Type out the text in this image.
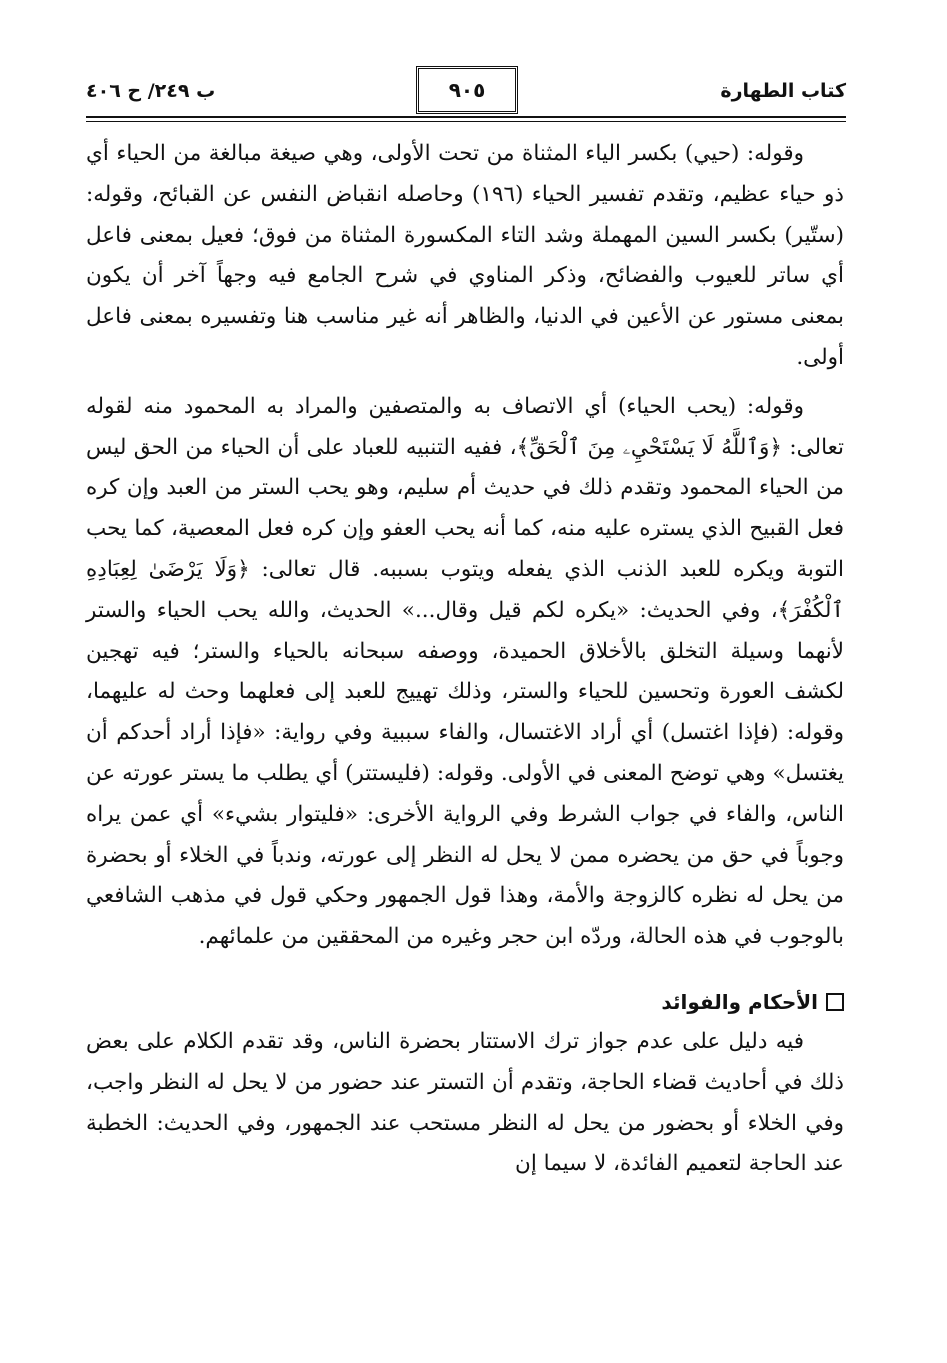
كتاب الطهارة
٩٠٥
ب ٢٤٩/ ح ٤٠٦

وقوله: (حيي) بكسر الياء المثناة من تحت الأولى، وهي صيغة مبالغة من الحياء أي ذو حياء عظيم، وتقدم تفسير الحياء (١٩٦) وحاصله انقباض النفس عن القبائح، وقوله: (ستّير) بكسر السين المهملة وشد التاء المكسورة المثناة من فوق؛ فعيل بمعنى فاعل أي ساتر للعيوب والفضائح، وذكر المناوي في شرح الجامع فيه وجهاً آخر أن يكون بمعنى مستور عن الأعين في الدنيا، والظاهر أنه غير مناسب هنا وتفسيره بمعنى فاعل أولى.

وقوله: (يحب الحياء) أي الاتصاف به والمتصفين والمراد به المحمود منه لقوله تعالى: ﴿وَٱللَّهُ لَا يَسْتَحْيِۦ مِنَ ٱلْحَقِّ﴾، ففيه التنبيه للعباد على أن الحياء من الحق ليس من الحياء المحمود وتقدم ذلك في حديث أم سليم، وهو يحب الستر من العبد وإن كره فعل القبيح الذي يستره عليه منه، كما أنه يحب العفو وإن كره فعل المعصية، كما يحب التوبة ويكره للعبد الذنب الذي يفعله ويتوب بسببه. قال تعالى: ﴿وَلَا يَرْضَىٰ لِعِبَادِهِ ٱلْكُفْرَ﴾، وفي الحديث: «يكره لكم قيل وقال...» الحديث، والله يحب الحياء والستر لأنهما وسيلة التخلق بالأخلاق الحميدة، ووصفه سبحانه بالحياء والستر؛ فيه تهجين لكشف العورة وتحسين للحياء والستر، وذلك تهييج للعبد إلى فعلهما وحث له عليهما، وقوله: (فإذا اغتسل) أي أراد الاغتسال، والفاء سببية وفي رواية: «فإذا أراد أحدكم أن يغتسل» وهي توضح المعنى في الأولى. وقوله: (فليستتر) أي يطلب ما يستر عورته عن الناس، والفاء في جواب الشرط وفي الرواية الأخرى: «فليتوار بشيء» أي عمن يراه وجوباً في حق من يحضره ممن لا يحل له النظر إلى عورته، وندباً في الخلاء أو بحضرة من يحل له نظره كالزوجة والأمة، وهذا قول الجمهور وحكي قول في مذهب الشافعي بالوجوب في هذه الحالة، وردّه ابن حجر وغيره من المحققين من علمائهم.

الأحكام والفوائد

فيه دليل على عدم جواز ترك الاستتار بحضرة الناس، وقد تقدم الكلام على بعض ذلك في أحاديث قضاء الحاجة، وتقدم أن التستر عند حضور من لا يحل له النظر واجب، وفي الخلاء أو بحضور من يحل له النظر مستحب عند الجمهور، وفي الحديث: الخطبة عند الحاجة لتعميم الفائدة، لا سيما إن
